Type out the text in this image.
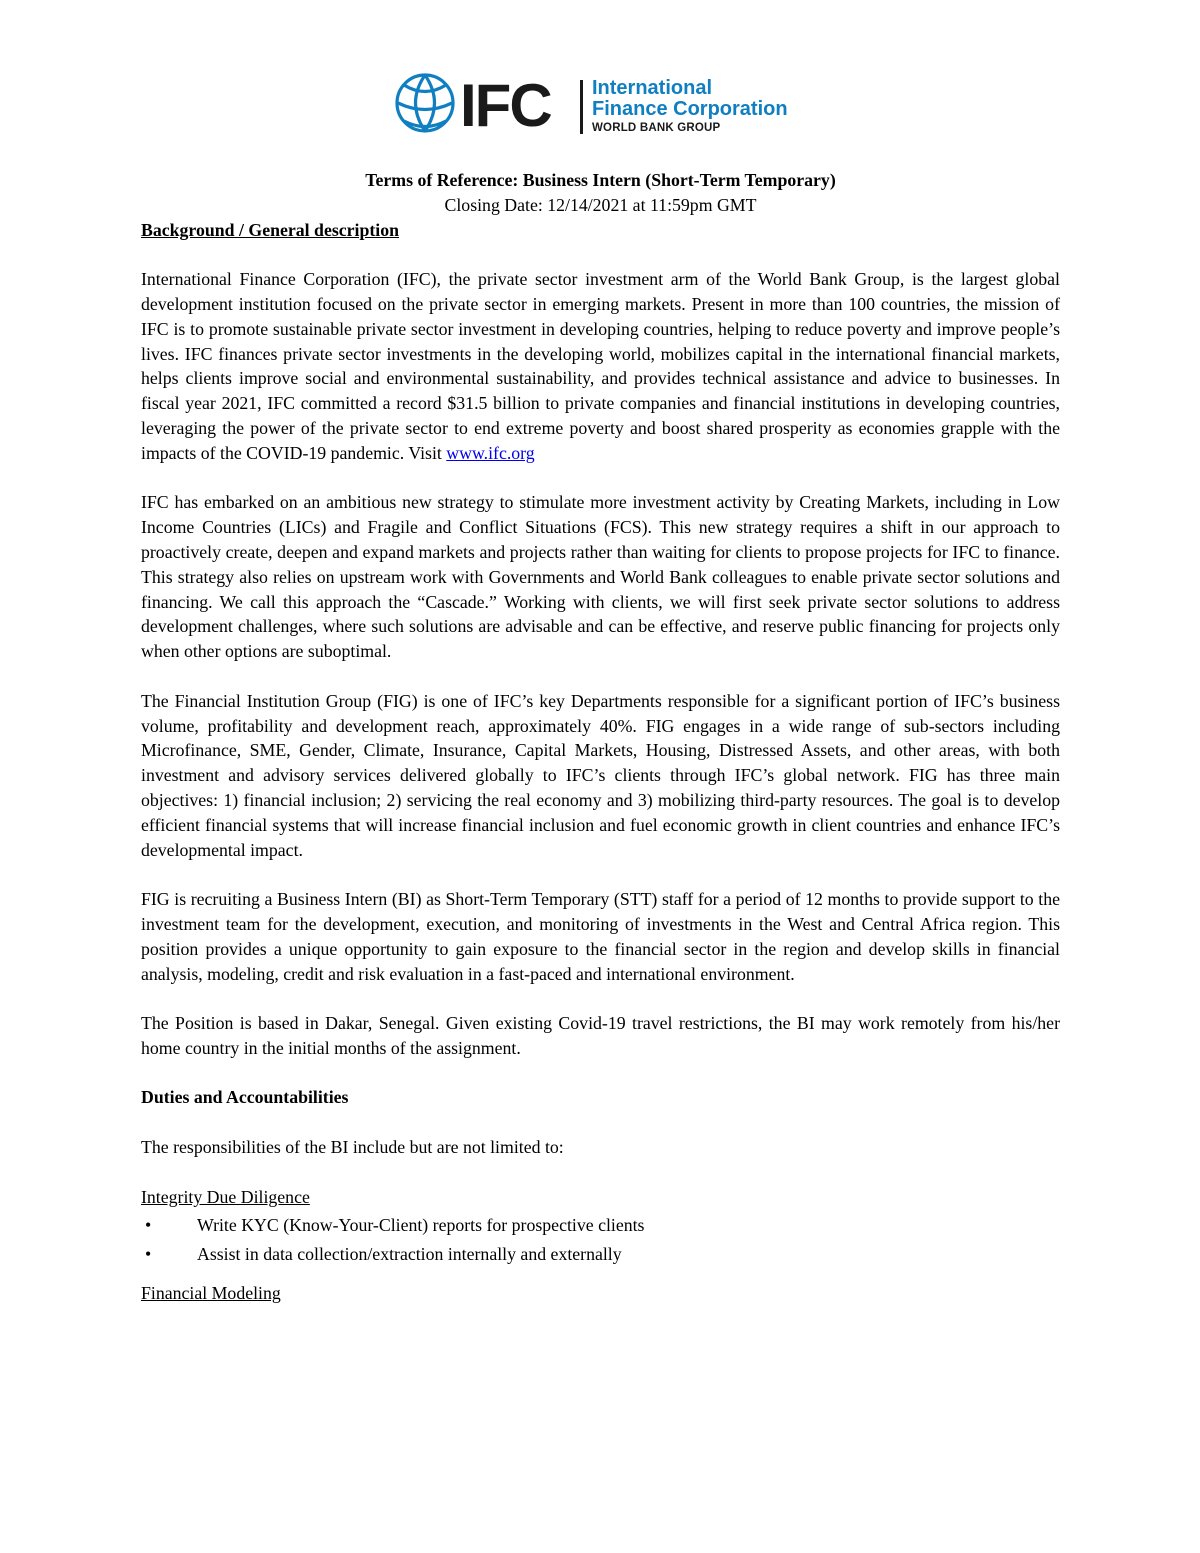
IFC International
Finance Corporation
WORLD BANK GROUP
Terms of Reference: Business Intern (Short-Term Temporary)
Closing Date: 12/14/2021 at 11:59pm GMT
Background / General description

International Finance Corporation (IFC), the private sector investment arm of the World Bank Group, is the largest global development institution focused on the private sector in emerging markets. Present in more than 100 countries, the mission of IFC is to promote sustainable private sector investment in developing countries, helping to reduce poverty and improve people’s lives. IFC finances private sector investments in the developing world, mobilizes capital in the international financial markets, helps clients improve social and environmental sustainability, and provides technical assistance and advice to businesses. In fiscal year 2021, IFC committed a record $31.5 billion to private companies and financial institutions in developing countries, leveraging the power of the private sector to end extreme poverty and boost shared prosperity as economies grapple with the impacts of the COVID-19 pandemic. Visit www.ifc.org

IFC has embarked on an ambitious new strategy to stimulate more investment activity by Creating Markets, including in Low Income Countries (LICs) and Fragile and Conflict Situations (FCS). This new strategy requires a shift in our approach to proactively create, deepen and expand markets and projects rather than waiting for clients to propose projects for IFC to finance. This strategy also relies on upstream work with Governments and World Bank colleagues to enable private sector solutions and financing. We call this approach the “Cascade.” Working with clients, we will first seek private sector solutions to address development challenges, where such solutions are advisable and can be effective, and reserve public financing for projects only when other options are suboptimal.

The Financial Institution Group (FIG) is one of IFC’s key Departments responsible for a significant portion of IFC’s business volume, profitability and development reach, approximately 40%. FIG engages in a wide range of sub-sectors including Microfinance, SME, Gender, Climate, Insurance, Capital Markets, Housing, Distressed Assets, and other areas, with both investment and advisory services delivered globally to IFC’s clients through IFC’s global network. FIG has three main objectives: 1) financial inclusion; 2) servicing the real economy and 3) mobilizing third-party resources. The goal is to develop efficient financial systems that will increase financial inclusion and fuel economic growth in client countries and enhance IFC’s developmental impact.

FIG is recruiting a Business Intern (BI) as Short-Term Temporary (STT) staff for a period of 12 months to provide support to the investment team for the development, execution, and monitoring of investments in the West and Central Africa region. This position provides a unique opportunity to gain exposure to the financial sector in the region and develop skills in financial analysis, modeling, credit and risk evaluation in a fast-paced and international environment.

The Position is based in Dakar, Senegal. Given existing Covid-19 travel restrictions, the BI may work remotely from his/her home country in the initial months of the assignment.

Duties and Accountabilities
The responsibilities of the BI include but are not limited to:
Integrity Due Diligence
•	Write KYC (Know-Your-Client) reports for prospective clients
•	Assist in data collection/extraction internally and externally
Financial Modeling
